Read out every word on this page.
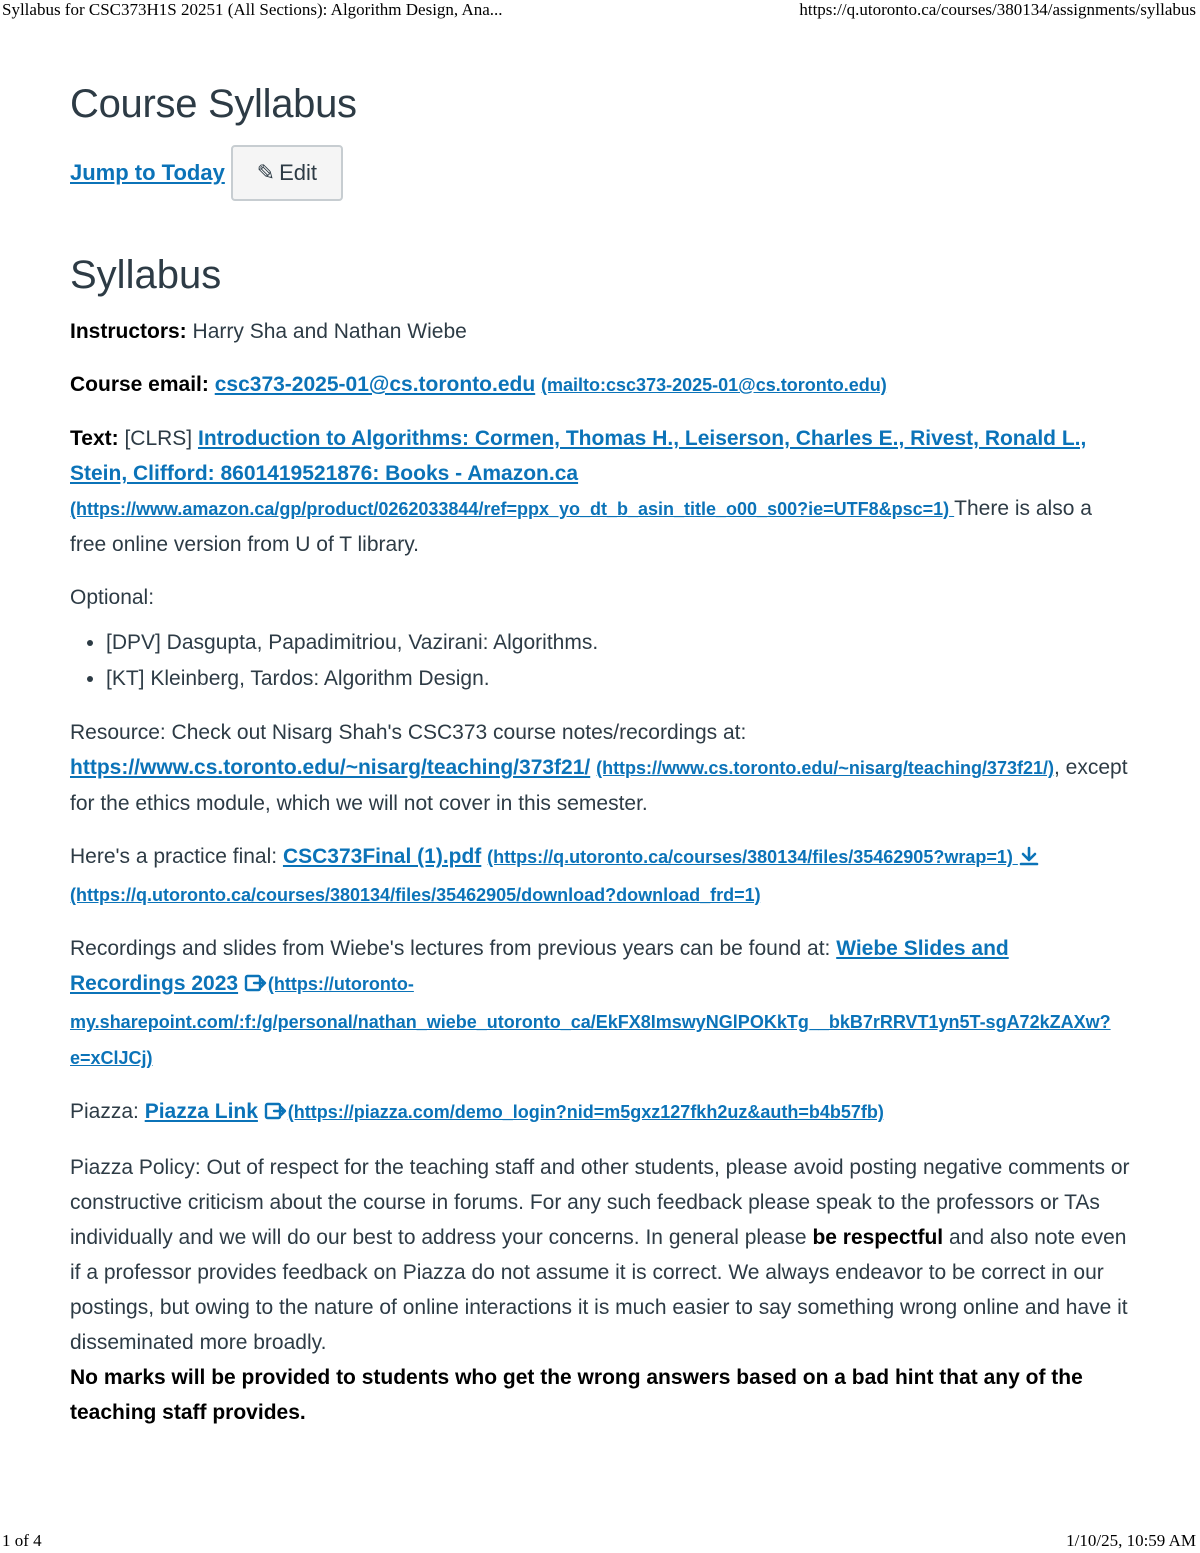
Syllabus for CSC373H1S 20251 (All Sections): Algorithm Design, Ana...	https://q.utoronto.ca/courses/380134/assignments/syllabus
Course Syllabus
Jump to Today ✎ Edit
Syllabus

Instructors: Harry Sha and Nathan Wiebe

Course email: csc373-2025-01@cs.toronto.edu (mailto:csc373-2025-01@cs.toronto.edu)

Text: [CLRS] Introduction to Algorithms: Cormen, Thomas H., Leiserson, Charles E., Rivest, Ronald L., Stein, Clifford: 8601419521876: Books - Amazon.ca (https://www.amazon.ca/gp/product/0262033844/ref=ppx_yo_dt_b_asin_title_o00_s00?ie=UTF8&psc=1) There is also a free online version from U of T library.

Optional:

• [DPV] Dasgupta, Papadimitriou, Vazirani: Algorithms.
• [KT] Kleinberg, Tardos: Algorithm Design.

Resource: Check out Nisarg Shah's CSC373 course notes/recordings at: https://www.cs.toronto.edu/~nisarg/teaching/373f21/ (https://www.cs.toronto.edu/~nisarg/teaching/373f21/), except for the ethics module, which we will not cover in this semester.

Here's a practice final: CSC373Final (1).pdf (https://q.utoronto.ca/courses/380134/files/35462905?wrap=1)  (https://q.utoronto.ca/courses/380134/files/35462905/download?download_frd=1)

Recordings and slides from Wiebe's lectures from previous years can be found at: Wiebe Slides and Recordings 2023 (https://utoronto-my.sharepoint.com/:f:/g/personal/nathan_wiebe_utoronto_ca/EkFX8ImswyNGlPOKkTg__bkB7rRRVT1yn5T-sgA72kZAXw?e=xClJCj)

Piazza: Piazza Link (https://piazza.com/demo_login?nid=m5gxz127fkh2uz&auth=b4b57fb)

Piazza Policy: Out of respect for the teaching staff and other students, please avoid posting negative comments or constructive criticism about the course in forums. For any such feedback please speak to the professors or TAs individually and we will do our best to address your concerns. In general please be respectful and also note even if a professor provides feedback on Piazza do not assume it is correct. We always endeavor to be correct in our postings, but owing to the nature of online interactions it is much easier to say something wrong online and have it disseminated more broadly.
No marks will be provided to students who get the wrong answers based on a bad hint that any of the teaching staff provides.

1 of 4	1/10/25, 10:59 AM
